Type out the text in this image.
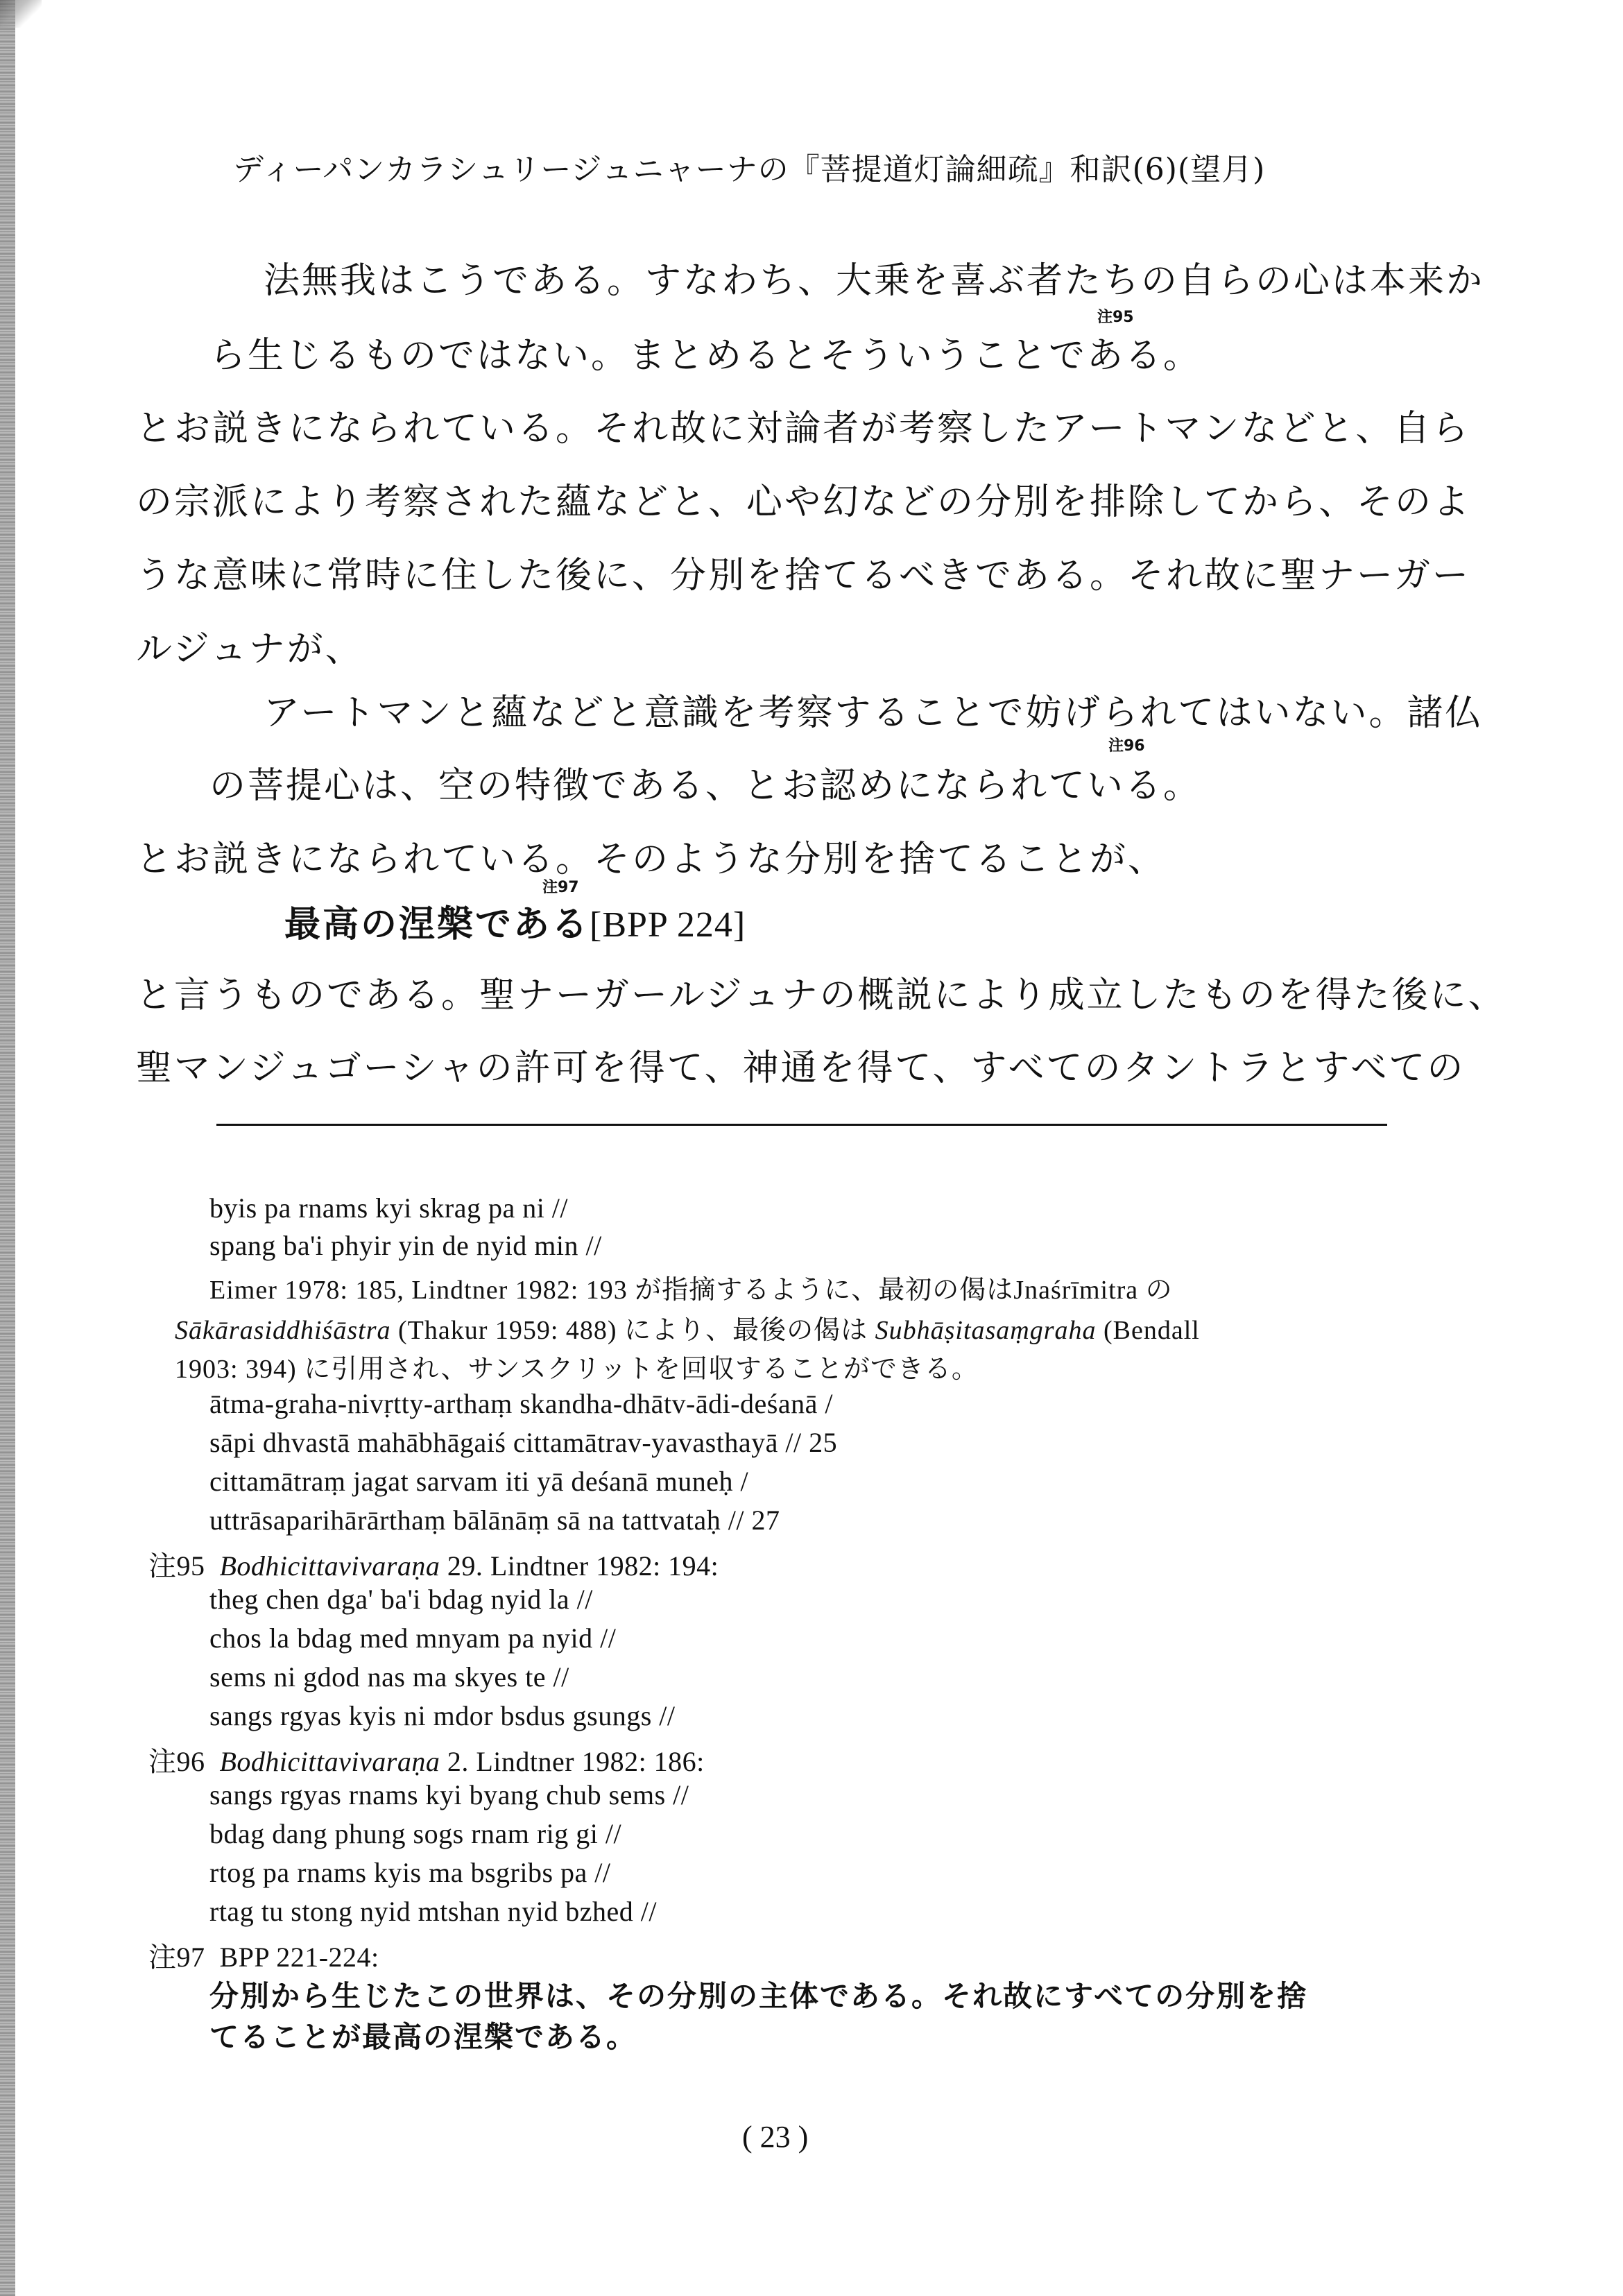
ディーパンカラシュリージュニャーナの『菩提道灯論細疏』和訳(6)(望月)
法無我はこうである。すなわち、大乗を喜ぶ者たちの自らの心は本来か
ら生じるものではない。まとめるとそういうことである。
注95
とお説きになられている。それ故に対論者が考察したアートマンなどと、自ら
の宗派により考察された蘊などと、心や幻などの分別を排除してから、そのよ
うな意味に常時に住した後に、分別を捨てるべきである。それ故に聖ナーガー
ルジュナが、
アートマンと蘊などと意識を考察することで妨げられてはいない。諸仏
の菩提心は、空の特徴である、とお認めになられている。
注96
とお説きになられている。そのような分別を捨てることが、
最高の涅槃である[BPP 224]
注97
と言うものである。聖ナーガールジュナの概説により成立したものを得た後に、
聖マンジュゴーシャの許可を得て、神通を得て、すべてのタントラとすべての
byis pa rnams kyi skrag pa ni //
spang ba'i phyir yin de nyid min //
Eimer 1978: 185, Lindtner 1982: 193 が指摘するように、最初の偈はJnaśrīmitra の
Sākārasiddhiśāstra (Thakur 1959: 488) により、最後の偈は Subhāṣitasaṃgraha (Bendall
1903: 394) に引用され、サンスクリットを回収することができる。
ātma-graha-nivṛtty-arthaṃ skandha-dhātv-ādi-deśanā /
sāpi dhvastā mahābhāgaiś cittamātrav-yavasthayā // 25
cittamātraṃ jagat sarvam iti yā deśanā muneḥ /
uttrāsaparihārārthaṃ bālānāṃ sā na tattvataḥ // 27
注95 Bodhicittavivaraṇa 29. Lindtner 1982: 194:
theg chen dga' ba'i bdag nyid la //
chos la bdag med mnyam pa nyid //
sems ni gdod nas ma skyes te //
sangs rgyas kyis ni mdor bsdus gsungs //
注96 Bodhicittavivaraṇa 2. Lindtner 1982: 186:
sangs rgyas rnams kyi byang chub sems //
bdag dang phung sogs rnam rig gi //
rtog pa rnams kyis ma bsgribs pa //
rtag tu stong nyid mtshan nyid bzhed //
注97 BPP 221-224:
分別から生じたこの世界は、その分別の主体である。それ故にすべての分別を捨
てることが最高の涅槃である。
( 23 )
